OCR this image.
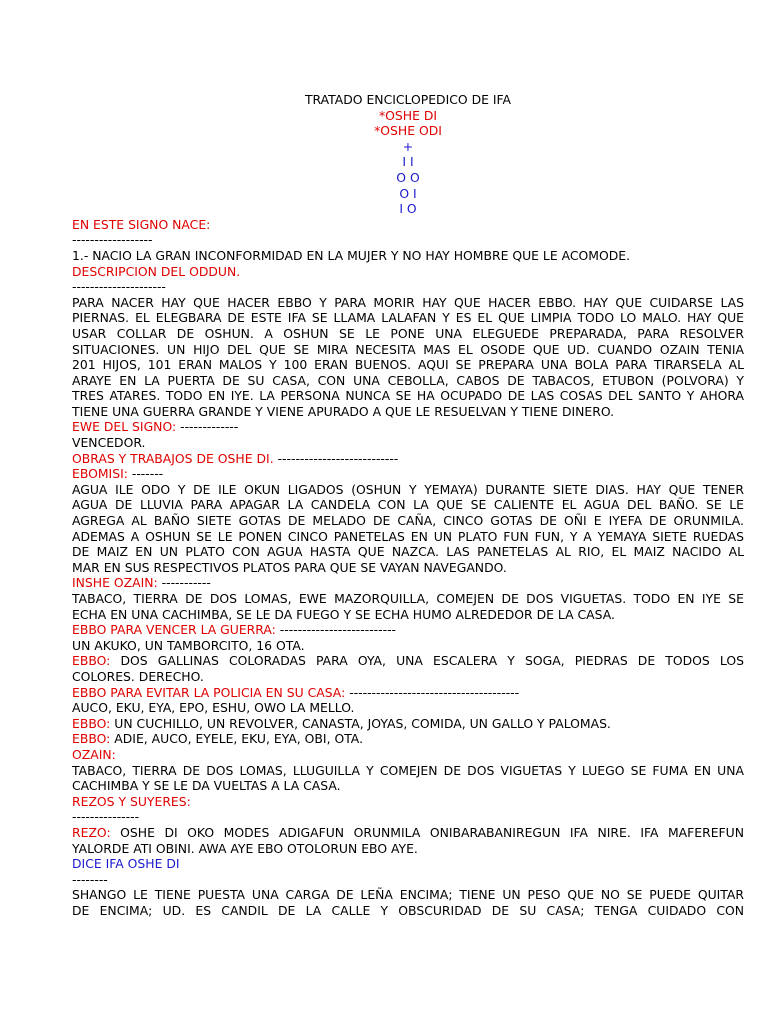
TRATADO ENCICLOPEDICO DE IFA
*OSHE DI
*OSHE ODI
+
I I
O O
O I
I O
EN ESTE SIGNO NACE:
------------------
1.- NACIO LA GRAN INCONFORMIDAD EN LA MUJER Y NO HAY HOMBRE QUE LE ACOMODE.
DESCRIPCION DEL ODDUN.
---------------------
PARA NACER HAY QUE HACER EBBO Y PARA MORIR HAY QUE HACER EBBO. HAY QUE CUIDARSE LAS
PIERNAS. EL ELEGBARA DE ESTE IFA SE LLAMA LALAFAN Y ES EL QUE LIMPIA TODO LO MALO. HAY QUE
USAR COLLAR DE OSHUN. A OSHUN SE LE PONE UNA ELEGUEDE PREPARADA, PARA RESOLVER
SITUACIONES. UN HIJO DEL QUE SE MIRA NECESITA MAS EL OSODE QUE UD. CUANDO OZAIN TENIA
201 HIJOS, 101 ERAN MALOS Y 100 ERAN BUENOS. AQUI SE PREPARA UNA BOLA PARA TIRARSELA AL
ARAYE EN LA PUERTA DE SU CASA, CON UNA CEBOLLA, CABOS DE TABACOS, ETUBON (POLVORA) Y
TRES ATARES. TODO EN IYE. LA PERSONA NUNCA SE HA OCUPADO DE LAS COSAS DEL SANTO Y AHORA
TIENE UNA GUERRA GRANDE Y VIENE APURADO A QUE LE RESUELVAN Y TIENE DINERO.
EWE DEL SIGNO: -------------
VENCEDOR.
OBRAS Y TRABAJOS DE OSHE DI. ---------------------------
EBOMISI: -------
AGUA ILE ODO Y DE ILE OKUN LIGADOS (OSHUN Y YEMAYA) DURANTE SIETE DIAS. HAY QUE TENER
AGUA DE LLUVIA PARA APAGAR LA CANDELA CON LA QUE SE CALIENTE EL AGUA DEL BAÑO. SE LE
AGREGA AL BAÑO SIETE GOTAS DE MELADO DE CAÑA, CINCO GOTAS DE OÑI E IYEFA DE ORUNMILA.
ADEMAS A OSHUN SE LE PONEN CINCO PANETELAS EN UN PLATO FUN FUN, Y A YEMAYA SIETE RUEDAS
DE MAIZ EN UN PLATO CON AGUA HASTA QUE NAZCA. LAS PANETELAS AL RIO, EL MAIZ NACIDO AL
MAR EN SUS RESPECTIVOS PLATOS PARA QUE SE VAYAN NAVEGANDO.
INSHE OZAIN: -----------
TABACO, TIERRA DE DOS LOMAS, EWE MAZORQUILLA, COMEJEN DE DOS VIGUETAS. TODO EN IYE SE
ECHA EN UNA CACHIMBA, SE LE DA FUEGO Y SE ECHA HUMO ALREDEDOR DE LA CASA.
EBBO PARA VENCER LA GUERRA: --------------------------
UN AKUKO, UN TAMBORCITO, 16 OTA.
EBBO: DOS GALLINAS COLORADAS PARA OYA, UNA ESCALERA Y SOGA, PIEDRAS DE TODOS LOS
COLORES. DERECHO.
EBBO PARA EVITAR LA POLICIA EN SU CASA: --------------------------------------
AUCO, EKU, EYA, EPO, ESHU, OWO LA MELLO.
EBBO: UN CUCHILLO, UN REVOLVER, CANASTA, JOYAS, COMIDA, UN GALLO Y PALOMAS.
EBBO: ADIE, AUCO, EYELE, EKU, EYA, OBI, OTA.
OZAIN:
TABACO, TIERRA DE DOS LOMAS, LLUGUILLA Y COMEJEN DE DOS VIGUETAS Y LUEGO SE FUMA EN UNA
CACHIMBA Y SE LE DA VUELTAS A LA CASA.
REZOS Y SUYERES:
---------------
REZO: OSHE DI OKO MODES ADIGAFUN ORUNMILA ONIBARABANIREGUN IFA NIRE. IFA MAFEREFUN
YALORDE ATI OBINI. AWA AYE EBO OTOLORUN EBO AYE.
DICE IFA OSHE DI
--------
SHANGO LE TIENE PUESTA UNA CARGA DE LEÑA ENCIMA; TIENE UN PESO QUE NO SE PUEDE QUITAR
DE ENCIMA; UD. ES CANDIL DE LA CALLE Y OBSCURIDAD DE SU CASA; TENGA CUIDADO CON
